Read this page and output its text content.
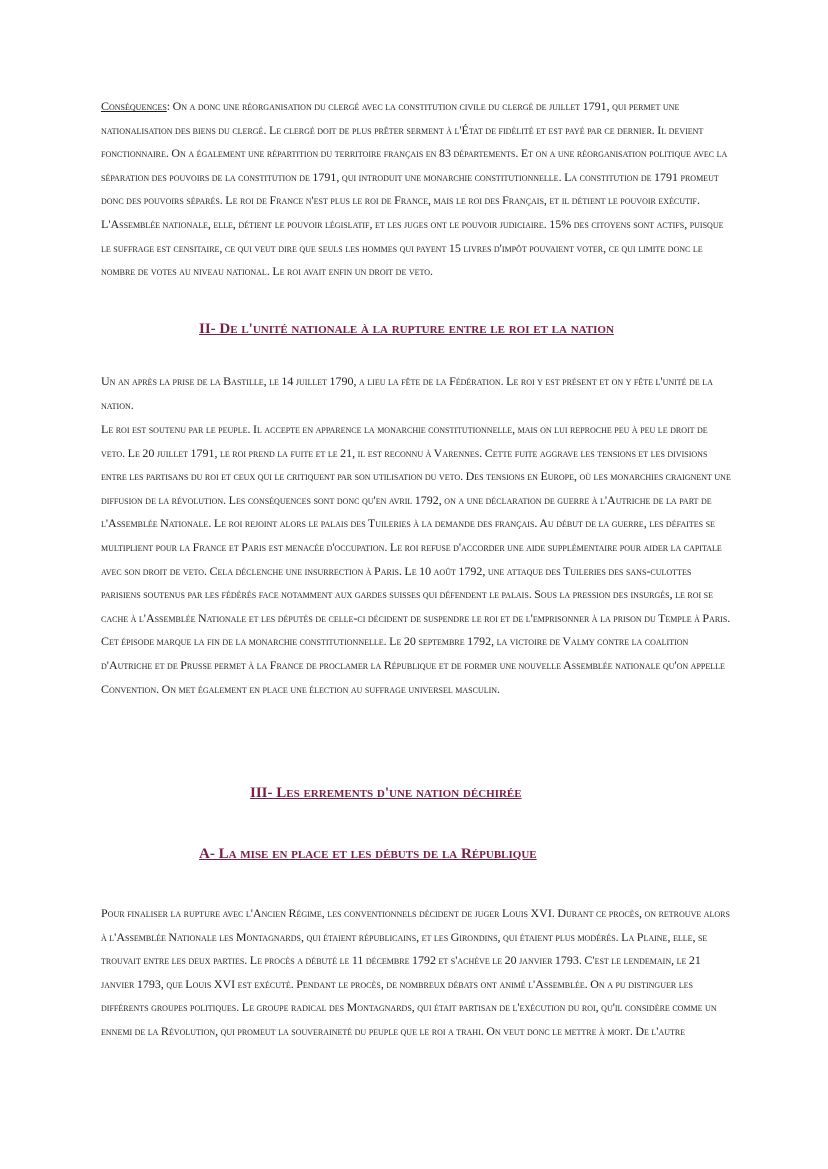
Conséquences: On a donc une réorganisation du clergé avec la constitution civile du clergé de juillet 1791, qui permet une nationalisation des biens du clergé. Le clergé doit de plus prêter serment à l'État de fidélité et est payé par ce dernier. Il devient fonctionnaire. On a également une répartition du territoire français en 83 départements. Et on a une réorganisation politique avec la séparation des pouvoirs de la constitution de 1791, qui introduit une monarchie constitutionnelle. La constitution de 1791 promeut donc des pouvoirs séparés. Le roi de France n'est plus le roi de France, mais le roi des Français, et il détient le pouvoir exécutif. L'Assemblée nationale, elle, détient le pouvoir législatif, et les juges ont le pouvoir judiciaire. 15% des citoyens sont actifs, puisque le suffrage est censitaire, ce qui veut dire que seuls les hommes qui payent 15 livres d'impôt pouvaient voter, ce qui limite donc le nombre de votes au niveau national. Le roi avait enfin un droit de veto.

II- De l'unité nationale à la rupture entre le roi et la nation

Un an après la prise de la Bastille, le 14 juillet 1790, a lieu la fête de la Fédération. Le roi y est présent et on y fête l'unité de la nation.

Le roi est soutenu par le peuple. Il accepte en apparence la monarchie constitutionnelle, mais on lui reproche peu à peu le droit de veto. Le 20 juillet 1791, le roi prend la fuite et le 21, il est reconnu à Varennes. Cette fuite aggrave les tensions et les divisions entre les partisans du roi et ceux qui le critiquent par son utilisation du veto. Des tensions en Europe, où les monarchies craignent une diffusion de la révolution. Les conséquences sont donc qu'en avril 1792, on a une déclaration de guerre à l'Autriche de la part de l'Assemblée Nationale. Le roi rejoint alors le palais des Tuileries à la demande des français. Au début de la guerre, les défaites se multiplient pour la France et Paris est menacée d'occupation. Le roi refuse d'accorder une aide supplémentaire pour aider la capitale avec son droit de veto. Cela déclenche une insurrection à Paris. Le 10 août 1792, une attaque des Tuileries des sans-culottes parisiens soutenus par les fédérés face notamment aux gardes suisses qui défendent le palais. Sous la pression des insurgés, le roi se cache à l'Assemblée Nationale et les députés de celle-ci décident de suspendre le roi et de l'emprisonner à la prison du Temple à Paris. Cet épisode marque la fin de la monarchie constitutionnelle. Le 20 septembre 1792, la victoire de Valmy contre la coalition d'Autriche et de Prusse permet à la France de proclamer la République et de former une nouvelle Assemblée nationale qu'on appelle Convention. On met également en place une élection au suffrage universel masculin.

III- Les errements d'une nation déchirée
A- La mise en place et les débuts de la République

Pour finaliser la rupture avec l'Ancien Régime, les conventionnels décident de juger Louis XVI. Durant ce procès, on retrouve alors à l'Assemblée Nationale les Montagnards, qui étaient républicains, et les Girondins, qui étaient plus modérés. La Plaine, elle, se trouvait entre les deux parties. Le procès a débuté le 11 décembre 1792 et s'achève le 20 janvier 1793. C'est le lendemain, le 21 janvier 1793, que Louis XVI est exécuté. Pendant le procès, de nombreux débats ont animé l'Assemblée. On a pu distinguer les différents groupes politiques. Le groupe radical des Montagnards, qui était partisan de l'exécution du roi, qu'il considère comme un ennemi de la Révolution, qui promeut la souveraineté du peuple que le roi a trahi. On veut donc le mettre à mort. De l'autre
